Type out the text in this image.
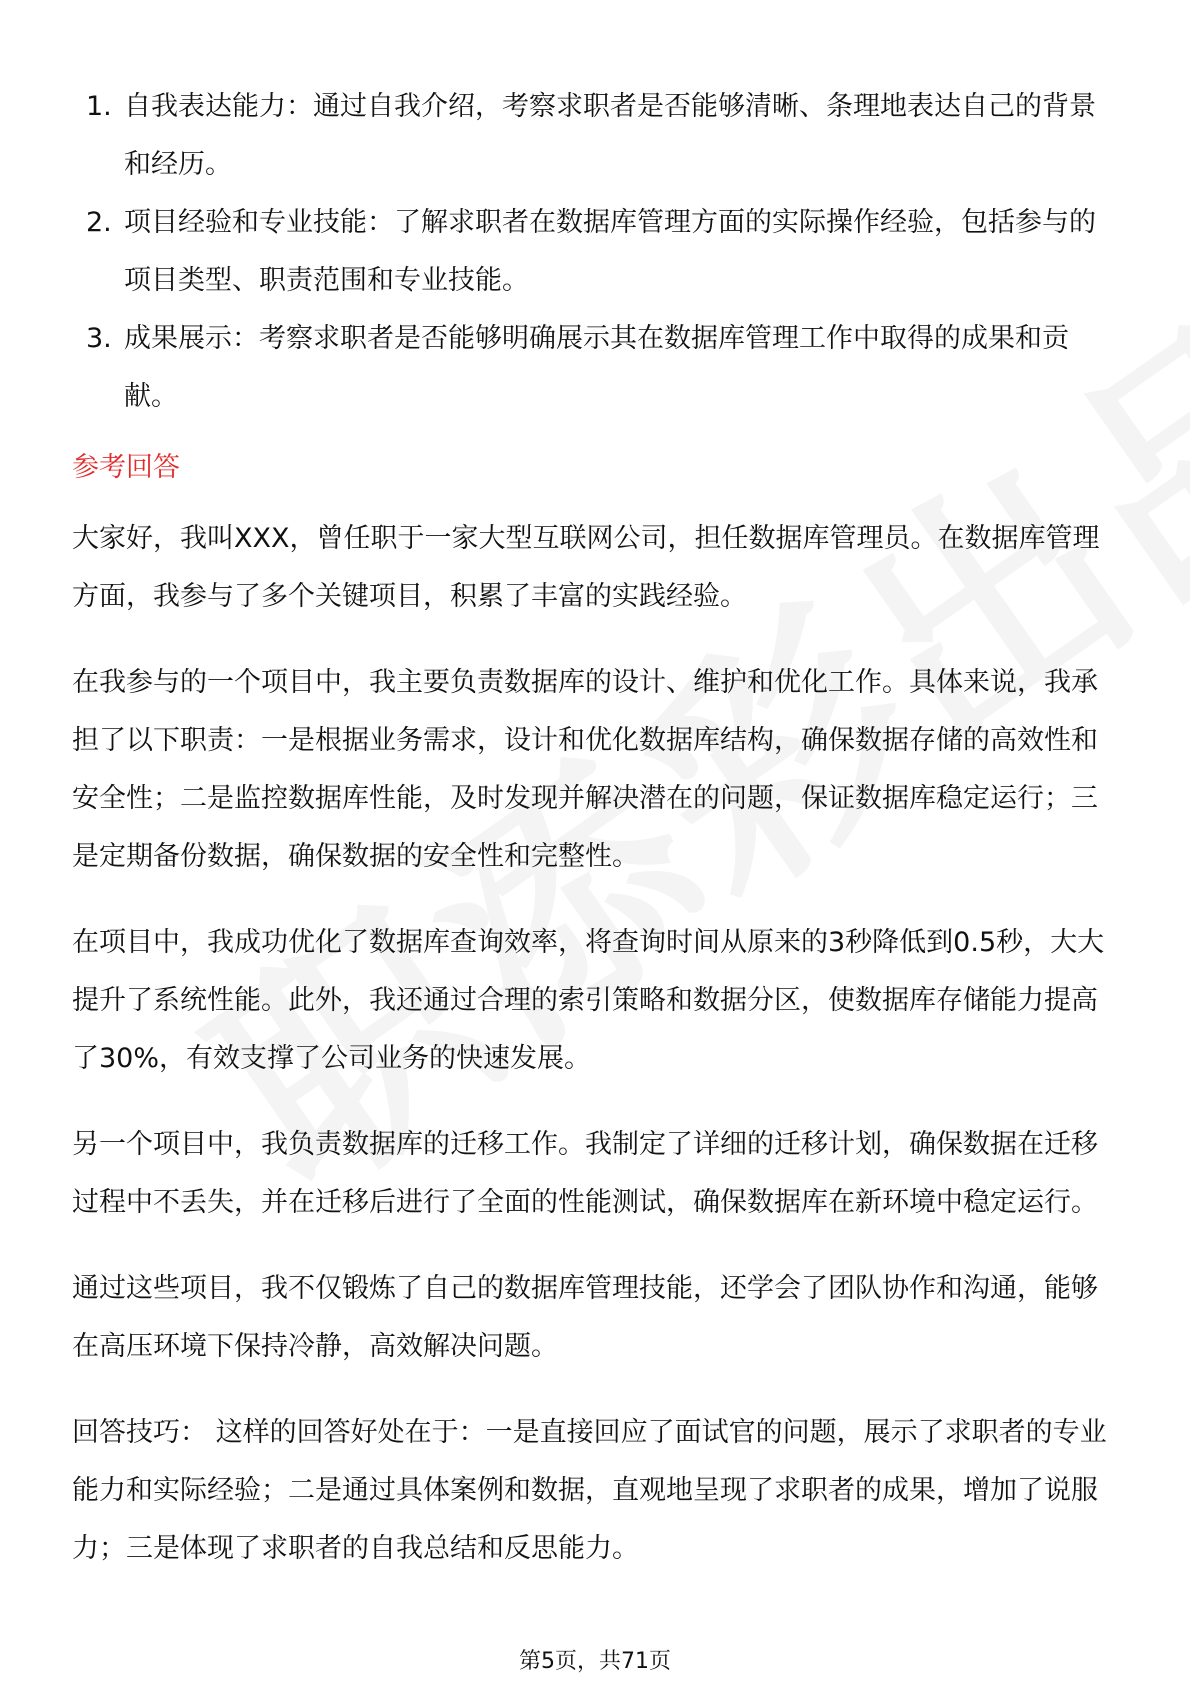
1. 自我表达能力：通过自我介绍，考察求职者是否能够清晰、条理地表达自己的背景和经历。
2. 项目经验和专业技能：了解求职者在数据库管理方面的实际操作经验，包括参与的项目类型、职责范围和专业技能。
3. 成果展示：考察求职者是否能够明确展示其在数据库管理工作中取得的成果和贡献。
参考回答

大家好，我叫XXX，曾任职于一家大型互联网公司，担任数据库管理员。在数据库管理方面，我参与了多个关键项目，积累了丰富的实践经验。

在我参与的一个项目中，我主要负责数据库的设计、维护和优化工作。具体来说，我承担了以下职责：一是根据业务需求，设计和优化数据库结构，确保数据存储的高效性和安全性；二是监控数据库性能，及时发现并解决潜在的问题，保证数据库稳定运行；三是定期备份数据，确保数据的安全性和完整性。

在项目中，我成功优化了数据库查询效率，将查询时间从原来的3秒降低到0.5秒，大大提升了系统性能。此外，我还通过合理的索引策略和数据分区，使数据库存储能力提高了30%，有效支撑了公司业务的快速发展。

另一个项目中，我负责数据库的迁移工作。我制定了详细的迁移计划，确保数据在迁移过程中不丢失，并在迁移后进行了全面的性能测试，确保数据库在新环境中稳定运行。

通过这些项目，我不仅锻炼了自己的数据库管理技能，还学会了团队协作和沟通，能够在高压环境下保持冷静，高效解决问题。

回答技巧： 这样的回答好处在于：一是直接回应了面试官的问题，展示了求职者的专业能力和实际经验；二是通过具体案例和数据，直观地呈现了求职者的成果，增加了说服力；三是体现了求职者的自我总结和反思能力。

第5页，共71页
